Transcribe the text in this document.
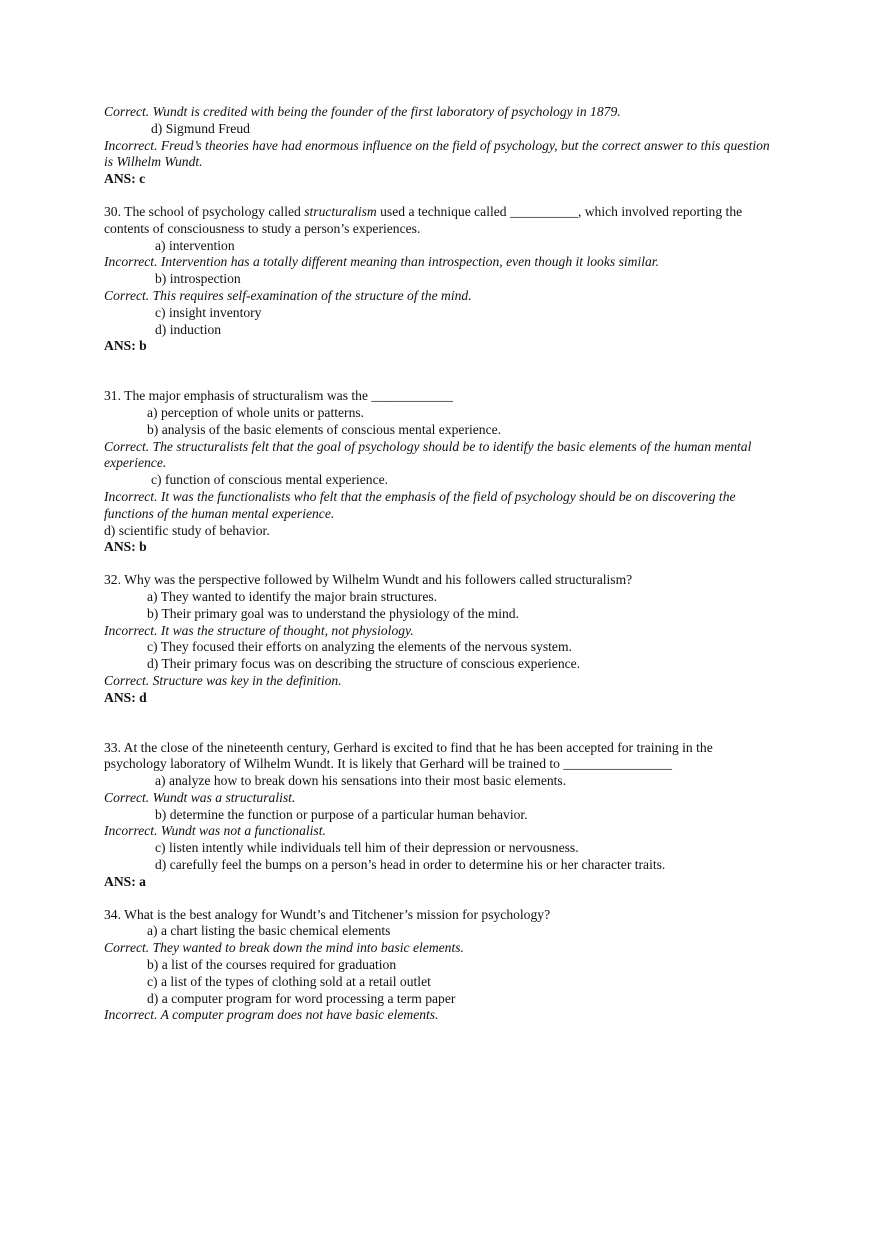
Correct. Wundt is credited with being the founder of the first laboratory of psychology in 1879.

d) Sigmund Freud

Incorrect. Freud’s theories have had enormous influence on the field of psychology, but the correct answer to this question is Wilhelm Wundt.

ANS: c

30. The school of psychology called structuralism used a technique called __________, which involved reporting the contents of consciousness to study a person’s experiences.

a) intervention

Incorrect. Intervention has a totally different meaning than introspection, even though it looks similar.

b) introspection

Correct. This requires self-examination of the structure of the mind.

c) insight inventory

d) induction

ANS: b

31. The major emphasis of structuralism was the ____________

a) perception of whole units or patterns.

b) analysis of the basic elements of conscious mental experience.

Correct. The structuralists felt that the goal of psychology should be to identify the basic elements of the human mental experience.

c) function of conscious mental experience.

Incorrect. It was the functionalists who felt that the emphasis of the field of psychology should be on discovering the functions of the human mental experience.

d) scientific study of behavior.

ANS: b

32. Why was the perspective followed by Wilhelm Wundt and his followers called structuralism?

a) They wanted to identify the major brain structures.

b) Their primary goal was to understand the physiology of the mind.

Incorrect. It was the structure of thought, not physiology.

c) They focused their efforts on analyzing the elements of the nervous system.

d) Their primary focus was on describing the structure of conscious experience.

Correct. Structure was key in the definition.

ANS: d

33. At the close of the nineteenth century, Gerhard is excited to find that he has been accepted for training in the psychology laboratory of Wilhelm Wundt. It is likely that Gerhard will be trained to ________________

a) analyze how to break down his sensations into their most basic elements.

Correct. Wundt was a structuralist.

b) determine the function or purpose of a particular human behavior.

Incorrect. Wundt was not a functionalist.

c) listen intently while individuals tell him of their depression or nervousness.

d) carefully feel the bumps on a person’s head in order to determine his or her character traits.

ANS: a

34. What is the best analogy for Wundt’s and Titchener’s mission for psychology?

a) a chart listing the basic chemical elements

Correct. They wanted to break down the mind into basic elements.

b) a list of the courses required for graduation

c) a list of the types of clothing sold at a retail outlet

d) a computer program for word processing a term paper

Incorrect. A computer program does not have basic elements.
